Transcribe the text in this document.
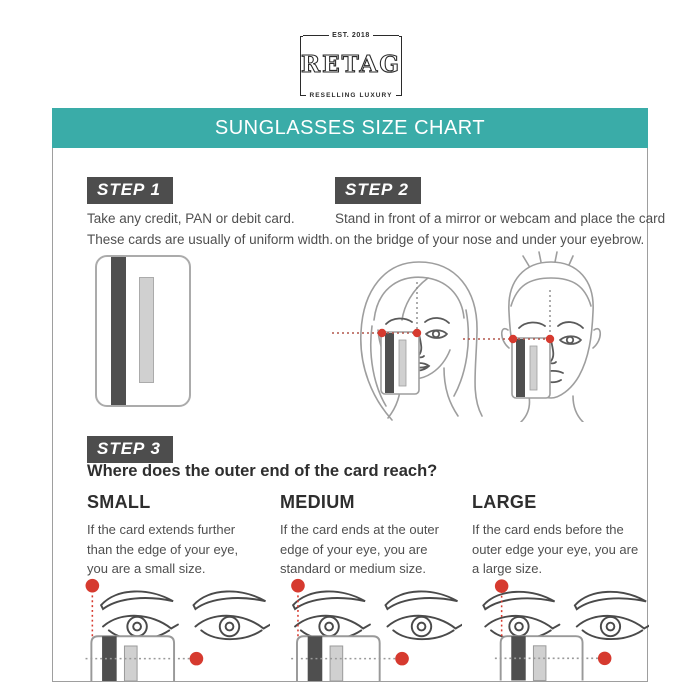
EST. 2018
RETAG
RESELLING LUXURY
SUNGLASSES SIZE CHART
STEP 1
Take any credit, PAN or debit card.
These cards are usually of uniform width.
STEP 2
Stand in front of a mirror or webcam and place the card
on the bridge of your nose and under your eyebrow.
STEP 3
Where does the outer end of the card reach?
SMALL
If the card extends further than the edge of your eye, you are a small size.
MEDIUM
If the card ends at the outer edge of your eye, you are standard or medium size.
LARGE
If the card ends before the outer edge your eye, you are a large size.
